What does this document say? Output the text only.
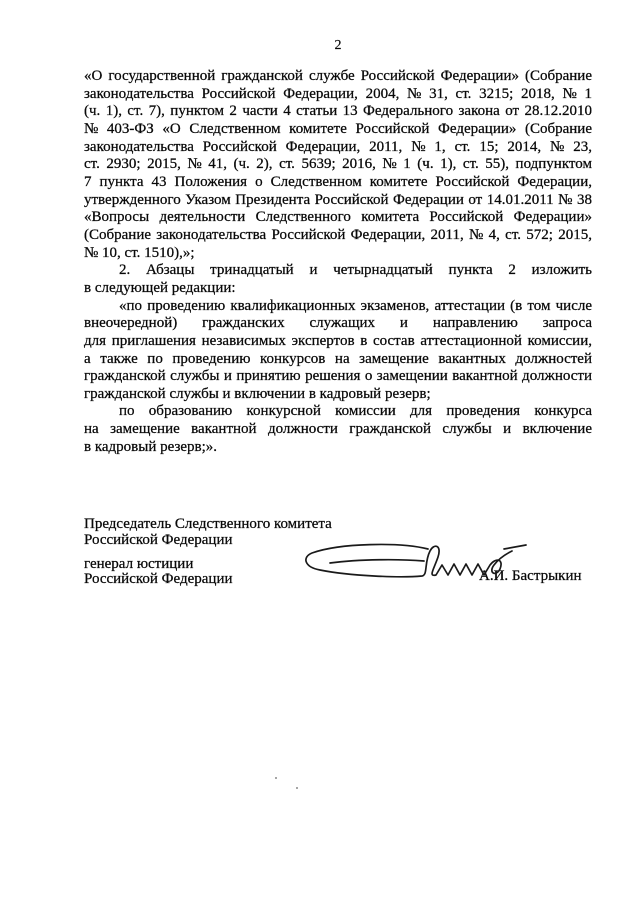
2
«О государственной гражданской службе Российской Федерации» (Собрание
законодательства Российской Федерации, 2004, № 31, ст. 3215; 2018, № 1
(ч. 1), ст. 7), пунктом 2 части 4 статьи 13 Федерального закона от 28.12.2010
№ 403-ФЗ «О Следственном комитете Российской Федерации» (Собрание
законодательства Российской Федерации, 2011, № 1, ст. 15; 2014, № 23,
ст. 2930; 2015, № 41, (ч. 2), ст. 5639; 2016, № 1 (ч. 1), ст. 55), подпунктом
7 пункта 43 Положения о Следственном комитете Российской Федерации,
утвержденного Указом Президента Российской Федерации от 14.01.2011 № 38
«Вопросы деятельности Следственного комитета Российской Федерации»
(Собрание законодательства Российской Федерации, 2011, № 4, ст. 572; 2015,
№ 10, ст. 1510),»;
2. Абзацы тринадцатый и четырнадцатый пункта 2 изложить
в следующей редакции:
«по проведению квалификационных экзаменов, аттестации (в том числе
внеочередной) гражданских служащих и направлению запроса
для приглашения независимых экспертов в состав аттестационной комиссии,
а также по проведению конкурсов на замещение вакантных должностей
гражданской службы и принятию решения о замещении вакантной должности
гражданской службы и включении в кадровый резерв;
по образованию конкурсной комиссии для проведения конкурса
на замещение вакантной должности гражданской службы и включение
в кадровый резерв;».
Председатель Следственного комитета
Российской Федерации
генерал юстиции
Российской Федерации	А.И. Бастрыкин
